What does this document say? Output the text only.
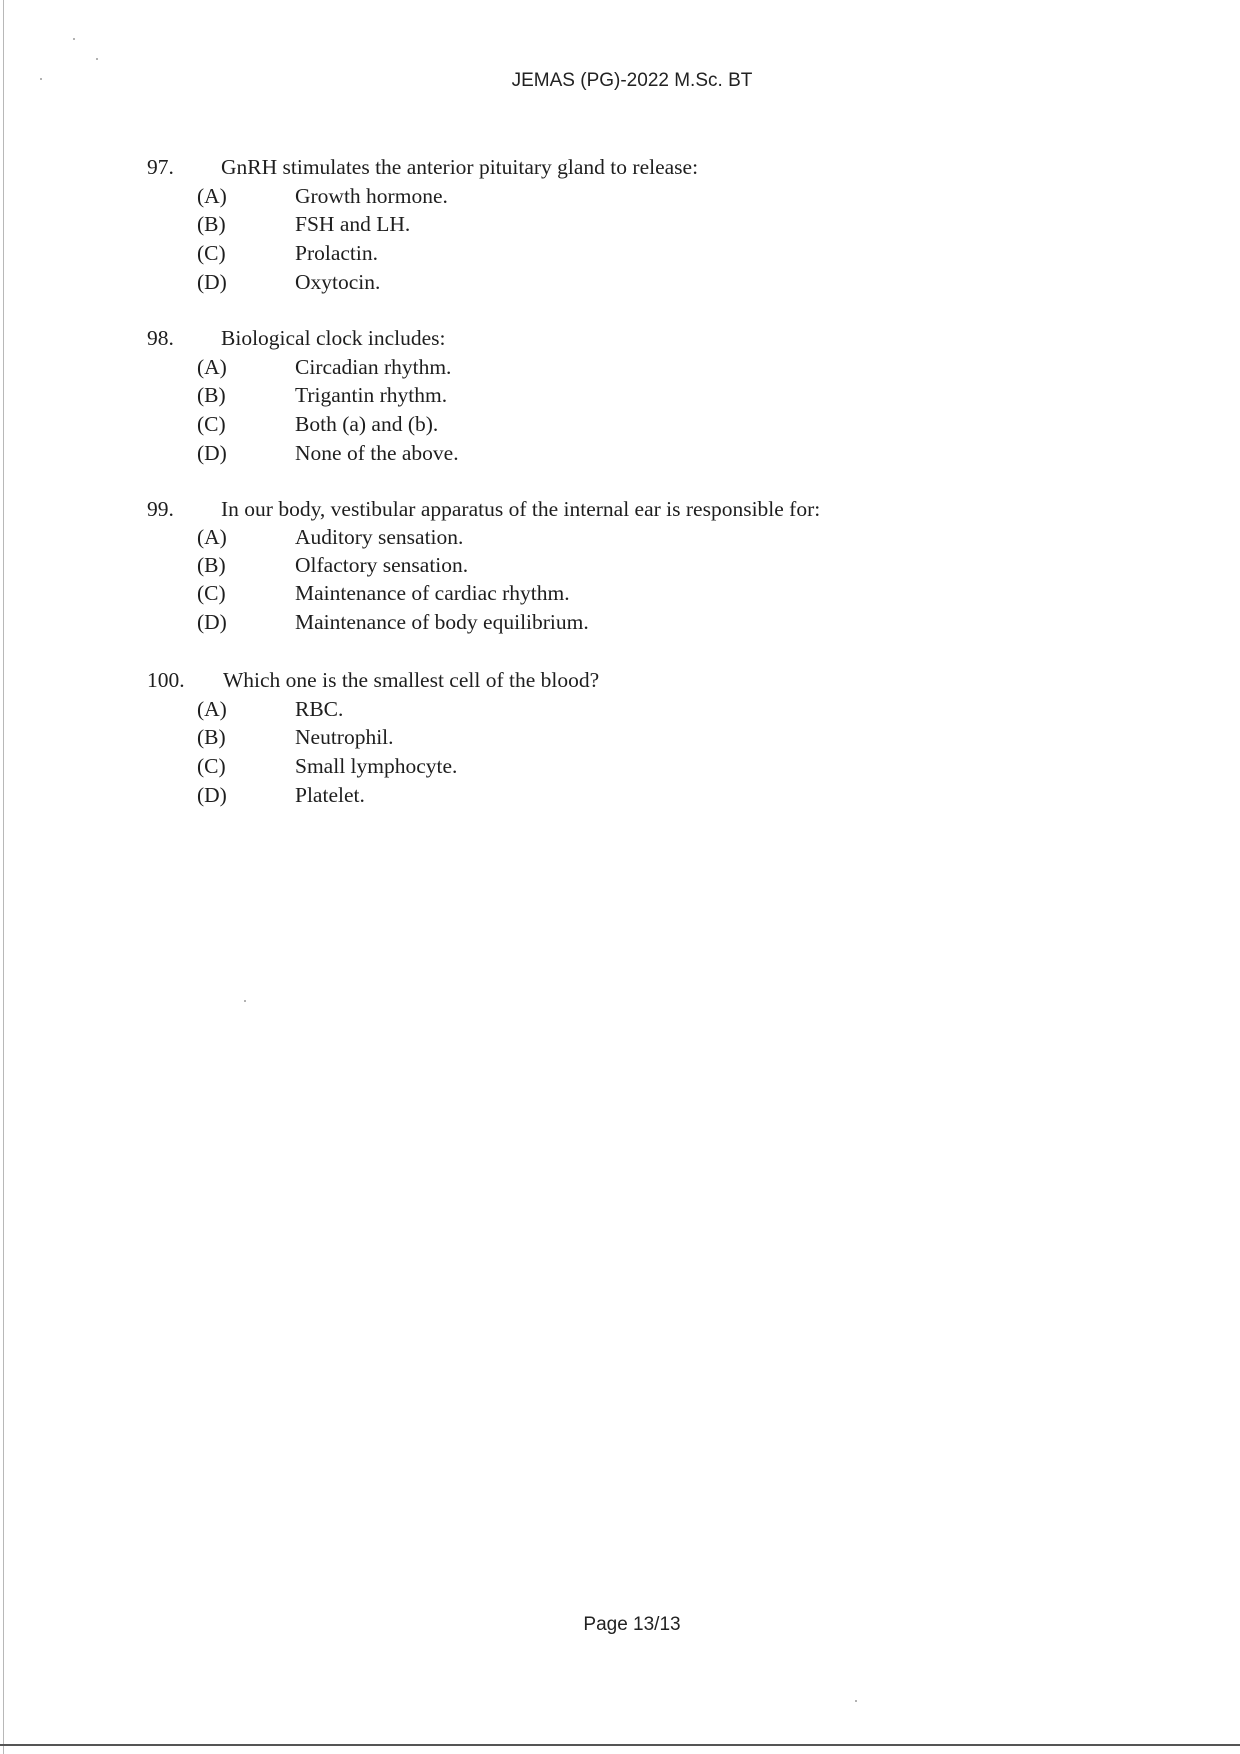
JEMAS (PG)-2022 M.Sc. BT
97. GnRH stimulates the anterior pituitary gland to release:
(A)	Growth hormone.
(B)	FSH and LH.
(C)	Prolactin.
(D)	Oxytocin.
98. Biological clock includes:
(A)	Circadian rhythm.
(B)	Trigantin rhythm.
(C)	Both (a) and (b).
(D)	None of the above.
99. In our body, vestibular apparatus of the internal ear is responsible for:
(A)	Auditory sensation.
(B)	Olfactory sensation.
(C)	Maintenance of cardiac rhythm.
(D)	Maintenance of body equilibrium.
100. Which one is the smallest cell of the blood?
(A)	RBC.
(B)	Neutrophil.
(C)	Small lymphocyte.
(D)	Platelet.
Page 13/13
